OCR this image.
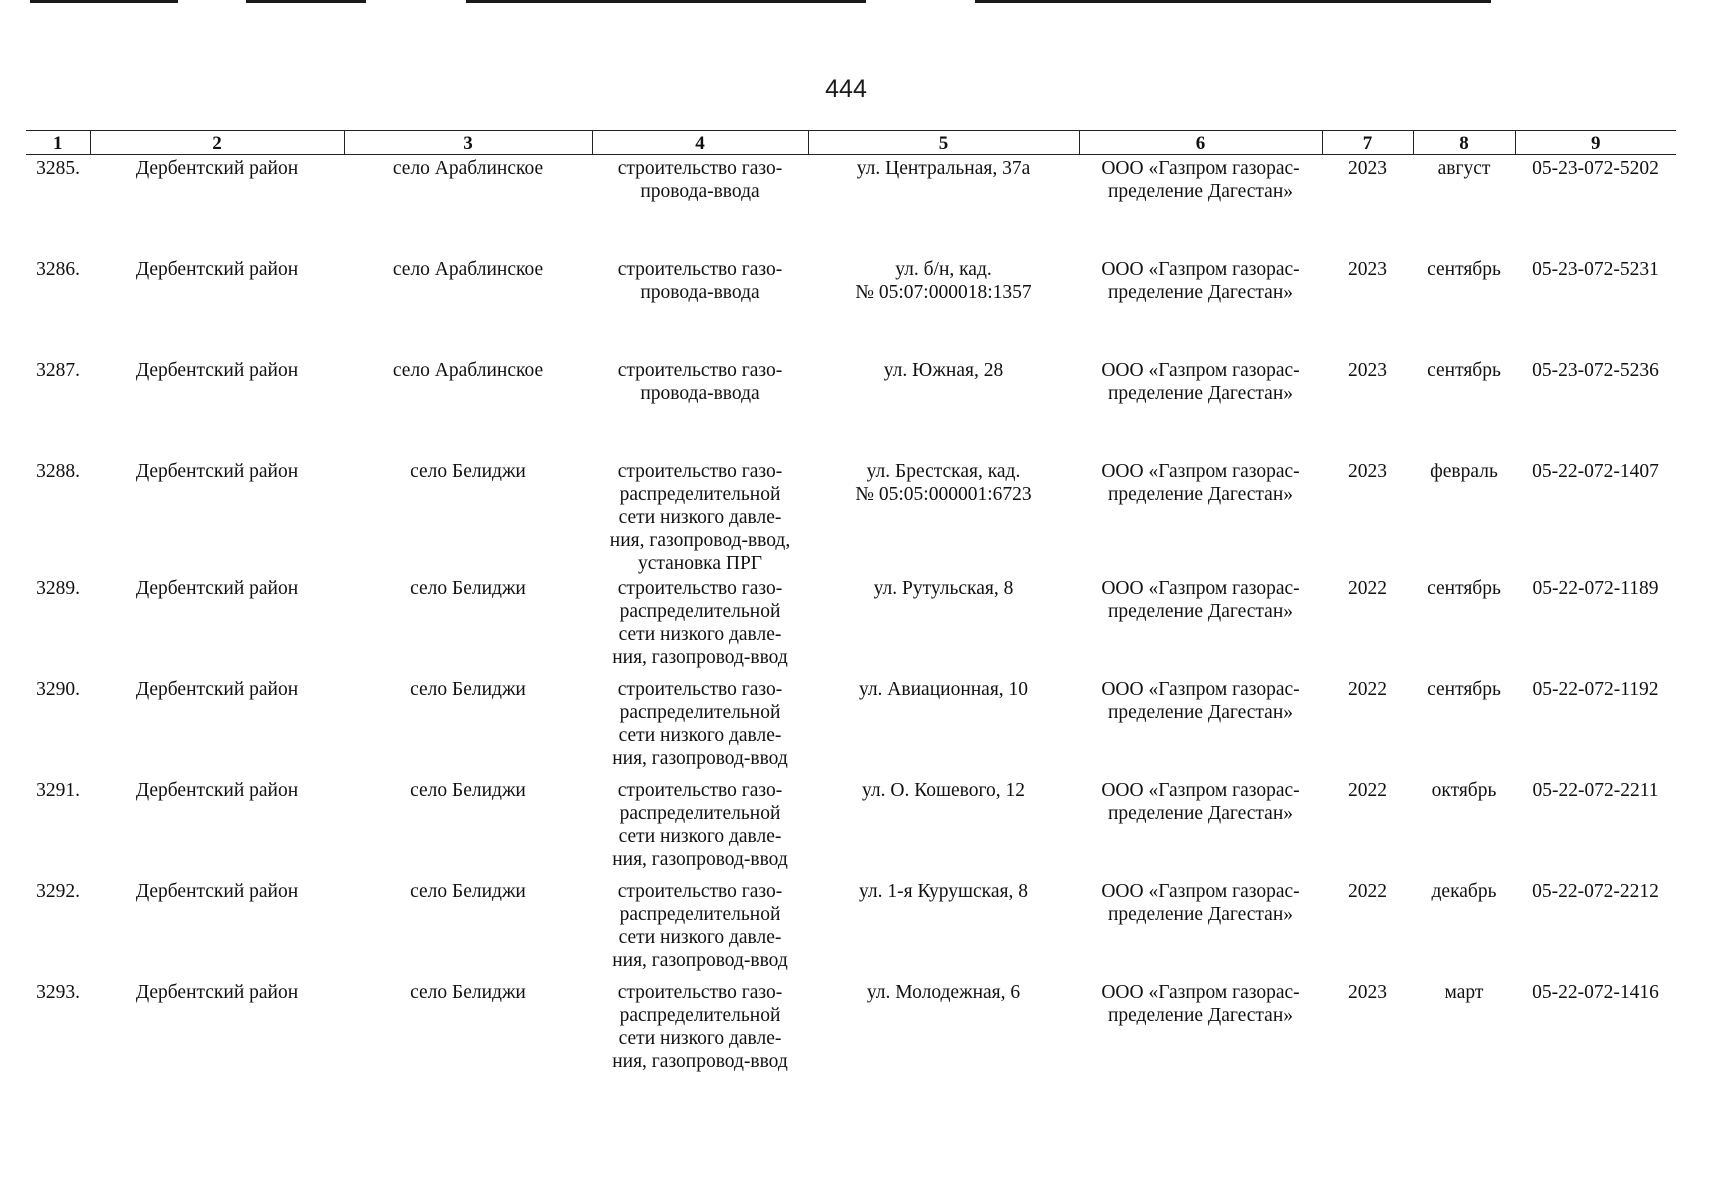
444
1	2	3	4	5	6	7	8	9
3285.	Дербентский район	село Араблинское	строительство газо-
провода-ввода	ул. Центральная, 37а	ООО «Газпром газорас-
пределение Дагестан»	2023	август	05-23-072-5202
3286.	Дербентский район	село Араблинское	строительство газо-
провода-ввода	ул. б/н, кад.
№ 05:07:000018:1357	ООО «Газпром газорас-
пределение Дагестан»	2023	сентябрь	05-23-072-5231
3287.	Дербентский район	село Араблинское	строительство газо-
провода-ввода	ул. Южная, 28	ООО «Газпром газорас-
пределение Дагестан»	2023	сентябрь	05-23-072-5236
3288.	Дербентский район	село Белиджи	строительство газо-
распределительной
сети низкого давле-
ния, газопровод-ввод,
установка ПРГ	ул. Брестская, кад.
№ 05:05:000001:6723	ООО «Газпром газорас-
пределение Дагестан»	2023	февраль	05-22-072-1407
3289.	Дербентский район	село Белиджи	строительство газо-
распределительной
сети низкого давле-
ния, газопровод-ввод	ул. Рутульская, 8	ООО «Газпром газорас-
пределение Дагестан»	2022	сентябрь	05-22-072-1189
3290.	Дербентский район	село Белиджи	строительство газо-
распределительной
сети низкого давле-
ния, газопровод-ввод	ул. Авиационная, 10	ООО «Газпром газорас-
пределение Дагестан»	2022	сентябрь	05-22-072-1192
3291.	Дербентский район	село Белиджи	строительство газо-
распределительной
сети низкого давле-
ния, газопровод-ввод	ул. О. Кошевого, 12	ООО «Газпром газорас-
пределение Дагестан»	2022	октябрь	05-22-072-2211
3292.	Дербентский район	село Белиджи	строительство газо-
распределительной
сети низкого давле-
ния, газопровод-ввод	ул. 1-я Курушская, 8	ООО «Газпром газорас-
пределение Дагестан»	2022	декабрь	05-22-072-2212
3293.	Дербентский район	село Белиджи	строительство газо-
распределительной
сети низкого давле-
ния, газопровод-ввод	ул. Молодежная, 6	ООО «Газпром газорас-
пределение Дагестан»	2023	март	05-22-072-1416
